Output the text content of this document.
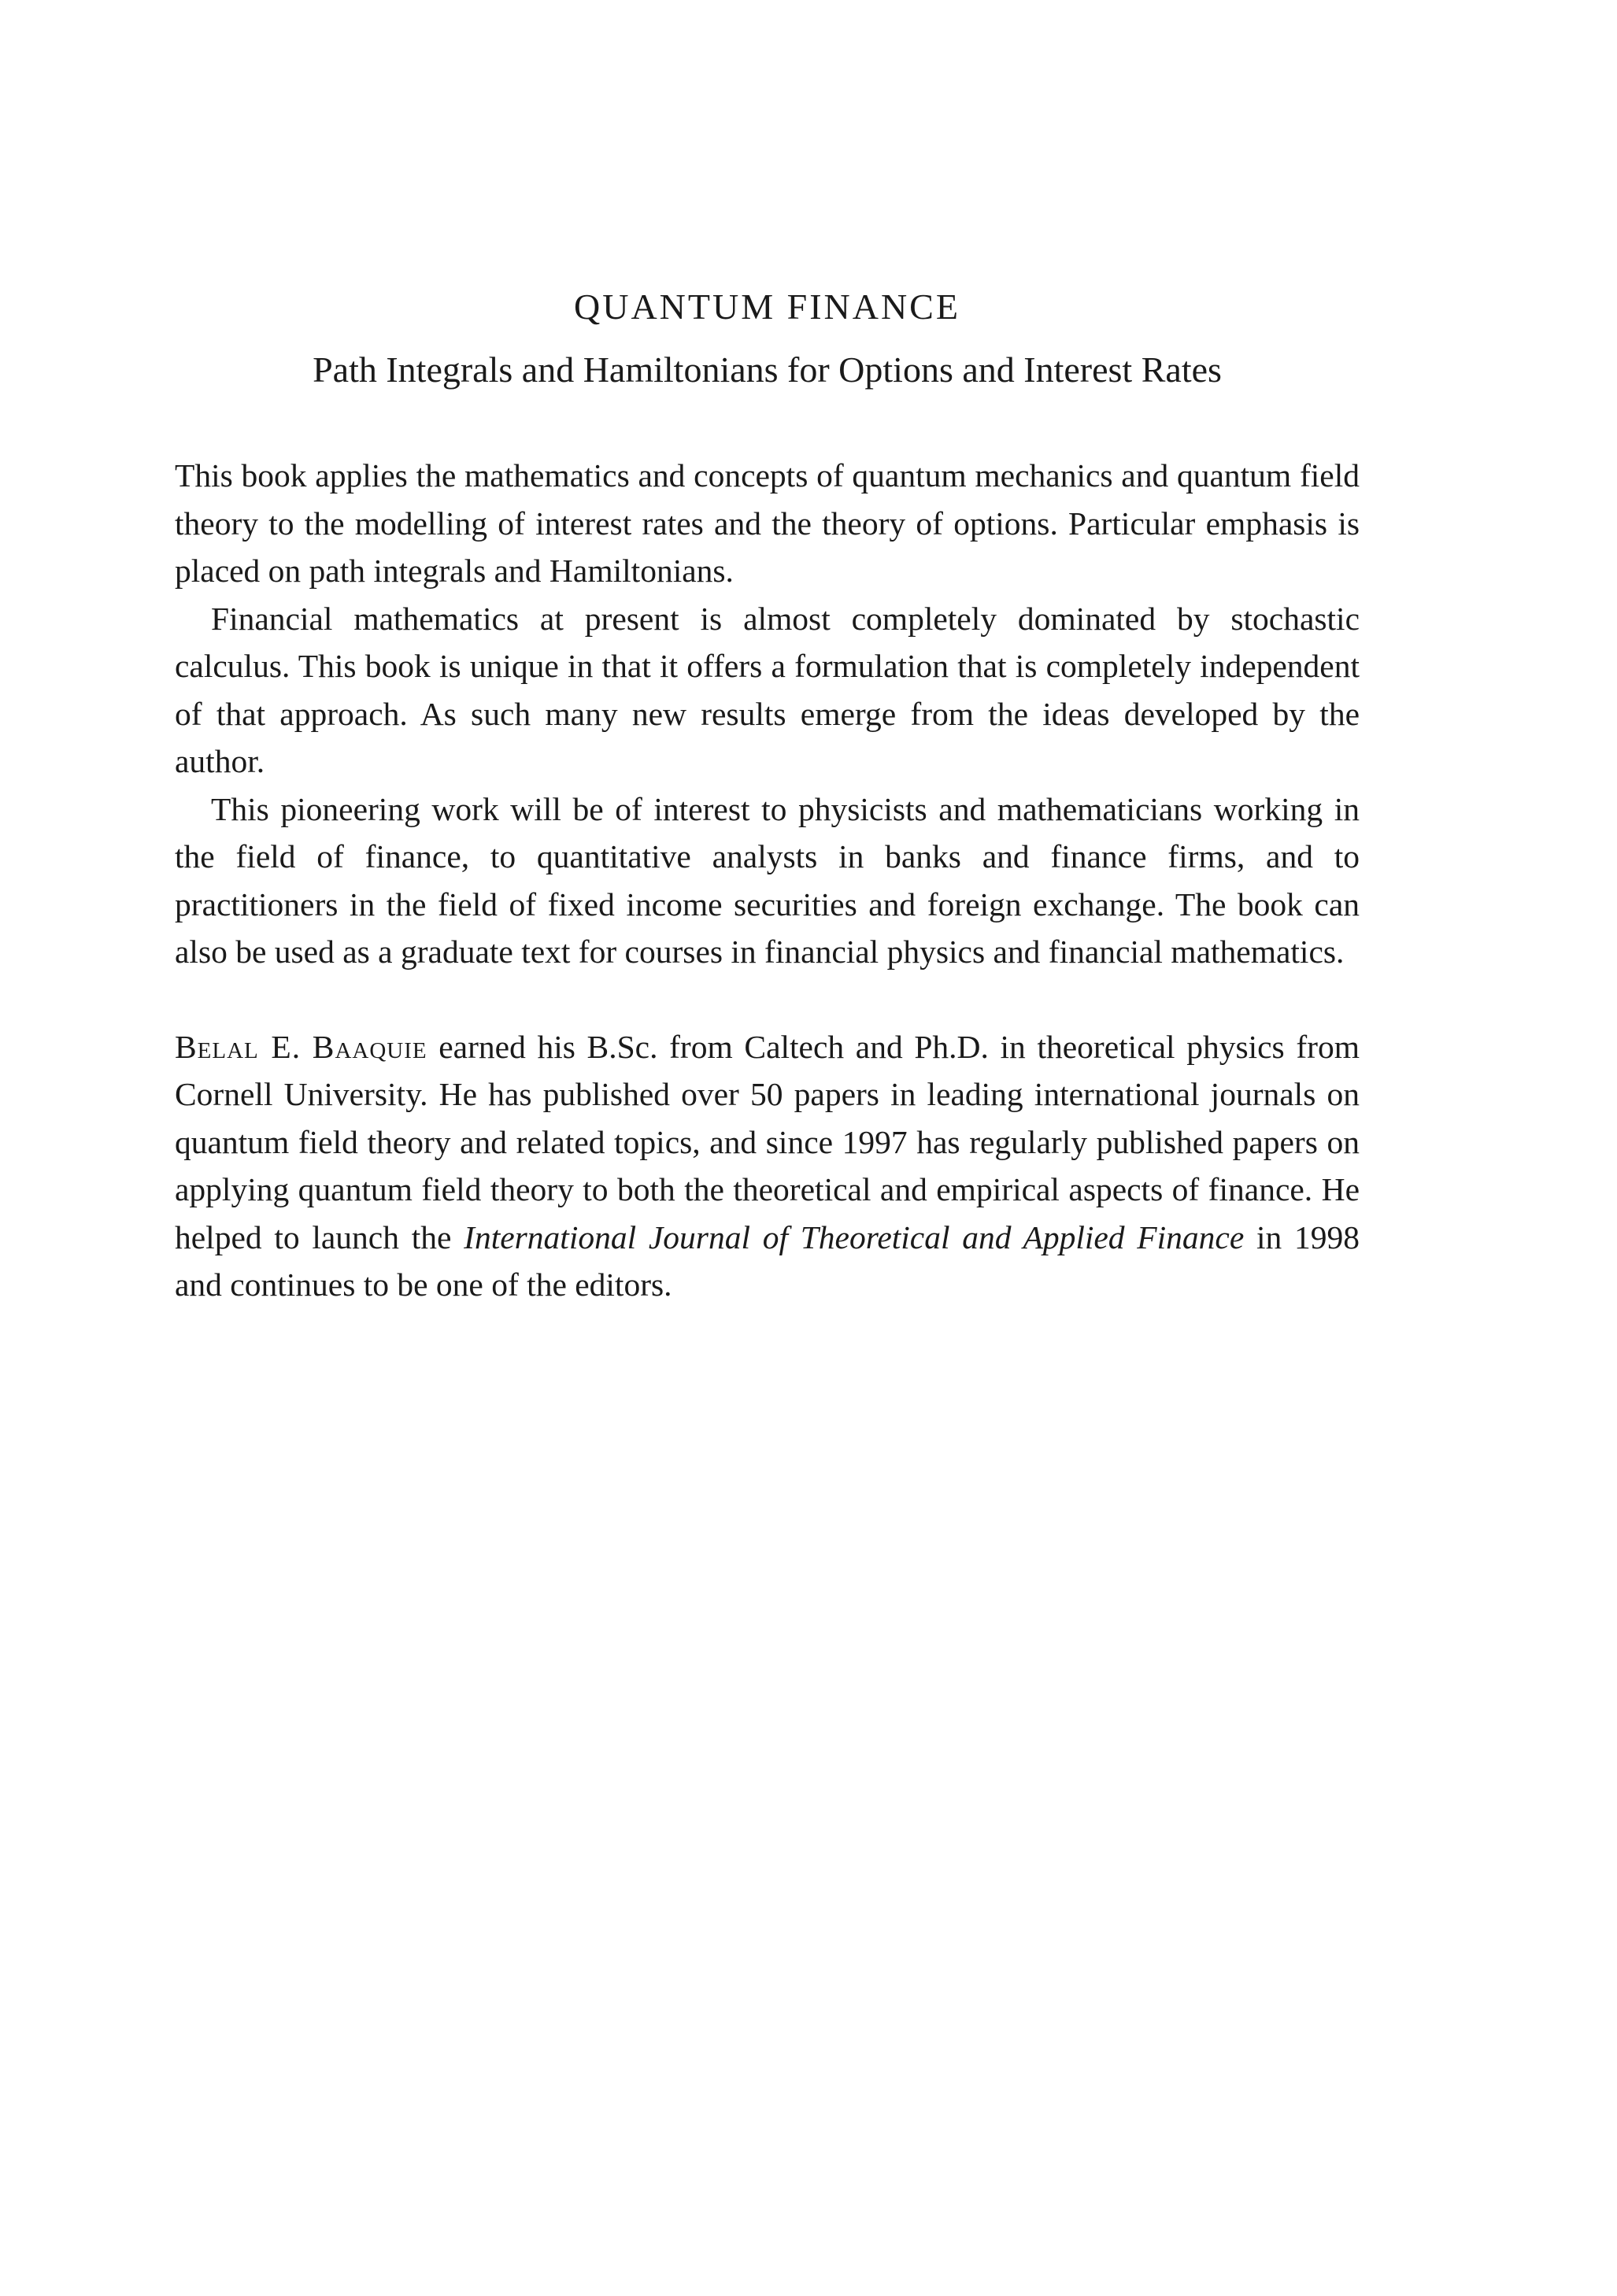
QUANTUM FINANCE
Path Integrals and Hamiltonians for Options and Interest Rates

This book applies the mathematics and concepts of quantum mechanics and quantum field theory to the modelling of interest rates and the theory of options. Particular emphasis is placed on path integrals and Hamiltonians.

Financial mathematics at present is almost completely dominated by stochastic calculus. This book is unique in that it offers a formulation that is completely independent of that approach. As such many new results emerge from the ideas developed by the author.

This pioneering work will be of interest to physicists and mathematicians working in the field of finance, to quantitative analysts in banks and finance firms, and to practitioners in the field of fixed income securities and foreign exchange. The book can also be used as a graduate text for courses in financial physics and financial mathematics.

Belal E. Baaquie earned his B.Sc. from Caltech and Ph.D. in theoretical physics from Cornell University. He has published over 50 papers in leading international journals on quantum field theory and related topics, and since 1997 has regularly published papers on applying quantum field theory to both the theoretical and empirical aspects of finance. He helped to launch the International Journal of Theoretical and Applied Finance in 1998 and continues to be one of the editors.
